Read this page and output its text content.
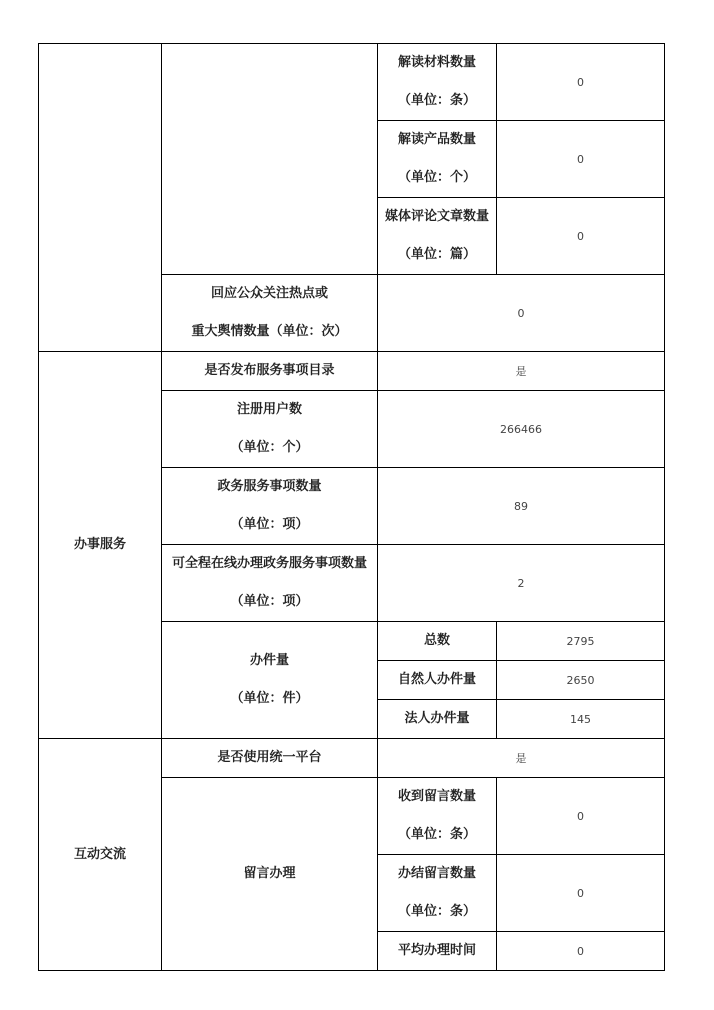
		解读材料数量
（单位：条）	0

		解读产品数量
（单位：个）	0

		媒体评论文章数量
（单位：篇）	0

	回应公众关注热点或
重大舆情数量（单位：次）	0	
办事服务	是否发布服务事项目录	是	

	注册用户数
（单位：个）	266466	

	政务服务事项数量
（单位：项）	89	

	可全程在线办理政务服务事项数量
（单位：项）	2	

	办件量
（单位：件）	总数	2795
		自然人办件量	2650
		法人办件量	145
互动交流	是否使用统一平台	是	
	留言办理	收到留言数量
（单位：条）	0

		办结留言数量
（单位：条）	0
		平均办理时间	0
